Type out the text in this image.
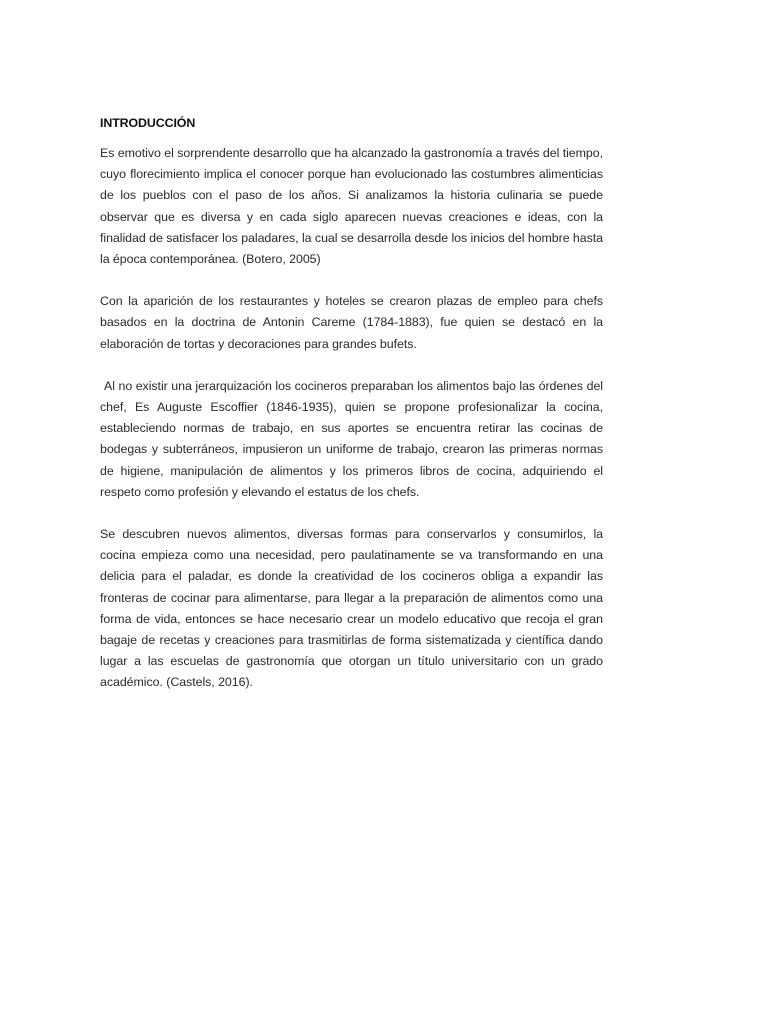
INTRODUCCIÓN

Es emotivo el sorprendente desarrollo que ha alcanzado la gastronomía a través del tiempo, cuyo florecimiento implica el conocer porque han evolucionado las costumbres alimenticias de los pueblos con el paso de los años. Si analizamos la historia culinaria se puede observar que es diversa y en cada siglo aparecen nuevas creaciones e ideas, con la finalidad de satisfacer los paladares, la cual se desarrolla desde los inicios del hombre hasta la época contemporánea. (Botero, 2005)

Con la aparición de los restaurantes y hoteles se crearon plazas de empleo para chefs basados en la doctrina de Antonin Careme (1784-1883), fue quien se destacó en la elaboración de tortas y decoraciones para grandes bufets.

Al no existir una jerarquización los cocineros preparaban los alimentos bajo las órdenes del chef, Es Auguste Escoffier (1846-1935), quien se propone profesionalizar la cocina, estableciendo normas de trabajo, en sus aportes se encuentra retirar las cocinas de bodegas y subterráneos, impusieron un uniforme de trabajo, crearon las primeras normas de higiene, manipulación de alimentos y los primeros libros de cocina, adquiriendo el respeto como profesión y elevando el estatus de los chefs.

Se descubren nuevos alimentos, diversas formas para conservarlos y consumirlos, la cocina empieza como una necesidad, pero paulatinamente se va transformando en una delicia para el paladar, es donde la creatividad de los cocineros obliga a expandir las fronteras de cocinar para alimentarse, para llegar a la preparación de alimentos como una forma de vida, entonces se hace necesario crear un modelo educativo que recoja el gran bagaje de recetas y creaciones para trasmitirlas de forma sistematizada y científica dando lugar a las escuelas de gastronomía que otorgan un título universitario con un grado académico. (Castels, 2016).
